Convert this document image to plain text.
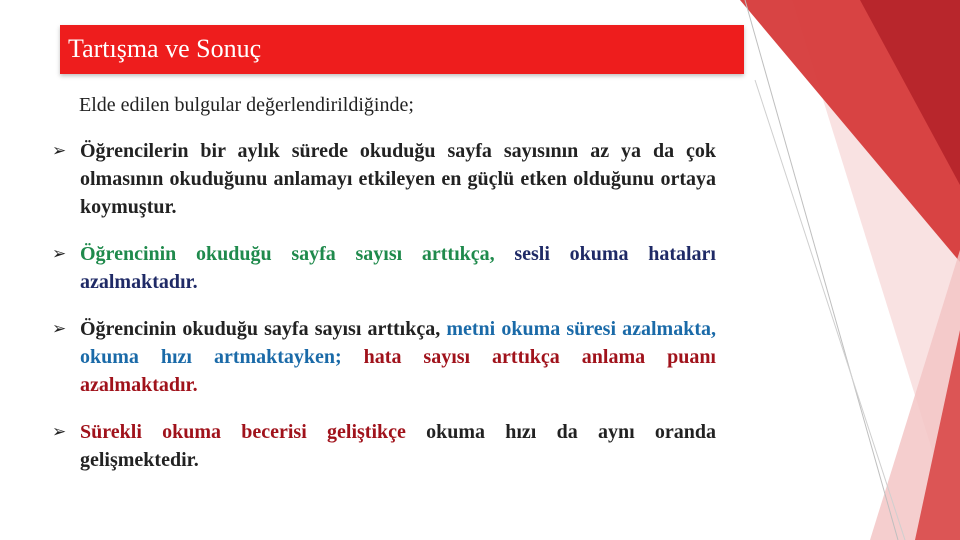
Tartışma ve Sonuç
Elde edilen bulgular değerlendirildiğinde;
➢ Öğrencilerin bir aylık sürede okuduğu sayfa sayısının az ya da çok olmasının okuduğunu anlamayı etkileyen en güçlü etken olduğunu ortaya koymuştur.
➢ Öğrencinin okuduğu sayfa sayısı arttıkça, sesli okuma hataları azalmaktadır.
➢ Öğrencinin okuduğu sayfa sayısı arttıkça, metni okuma süresi azalmakta, okuma hızı artmaktayken; hata sayısı arttıkça anlama puanı azalmaktadır.
➢ Sürekli okuma becerisi geliştikçe okuma hızı da aynı oranda gelişmektedir.
